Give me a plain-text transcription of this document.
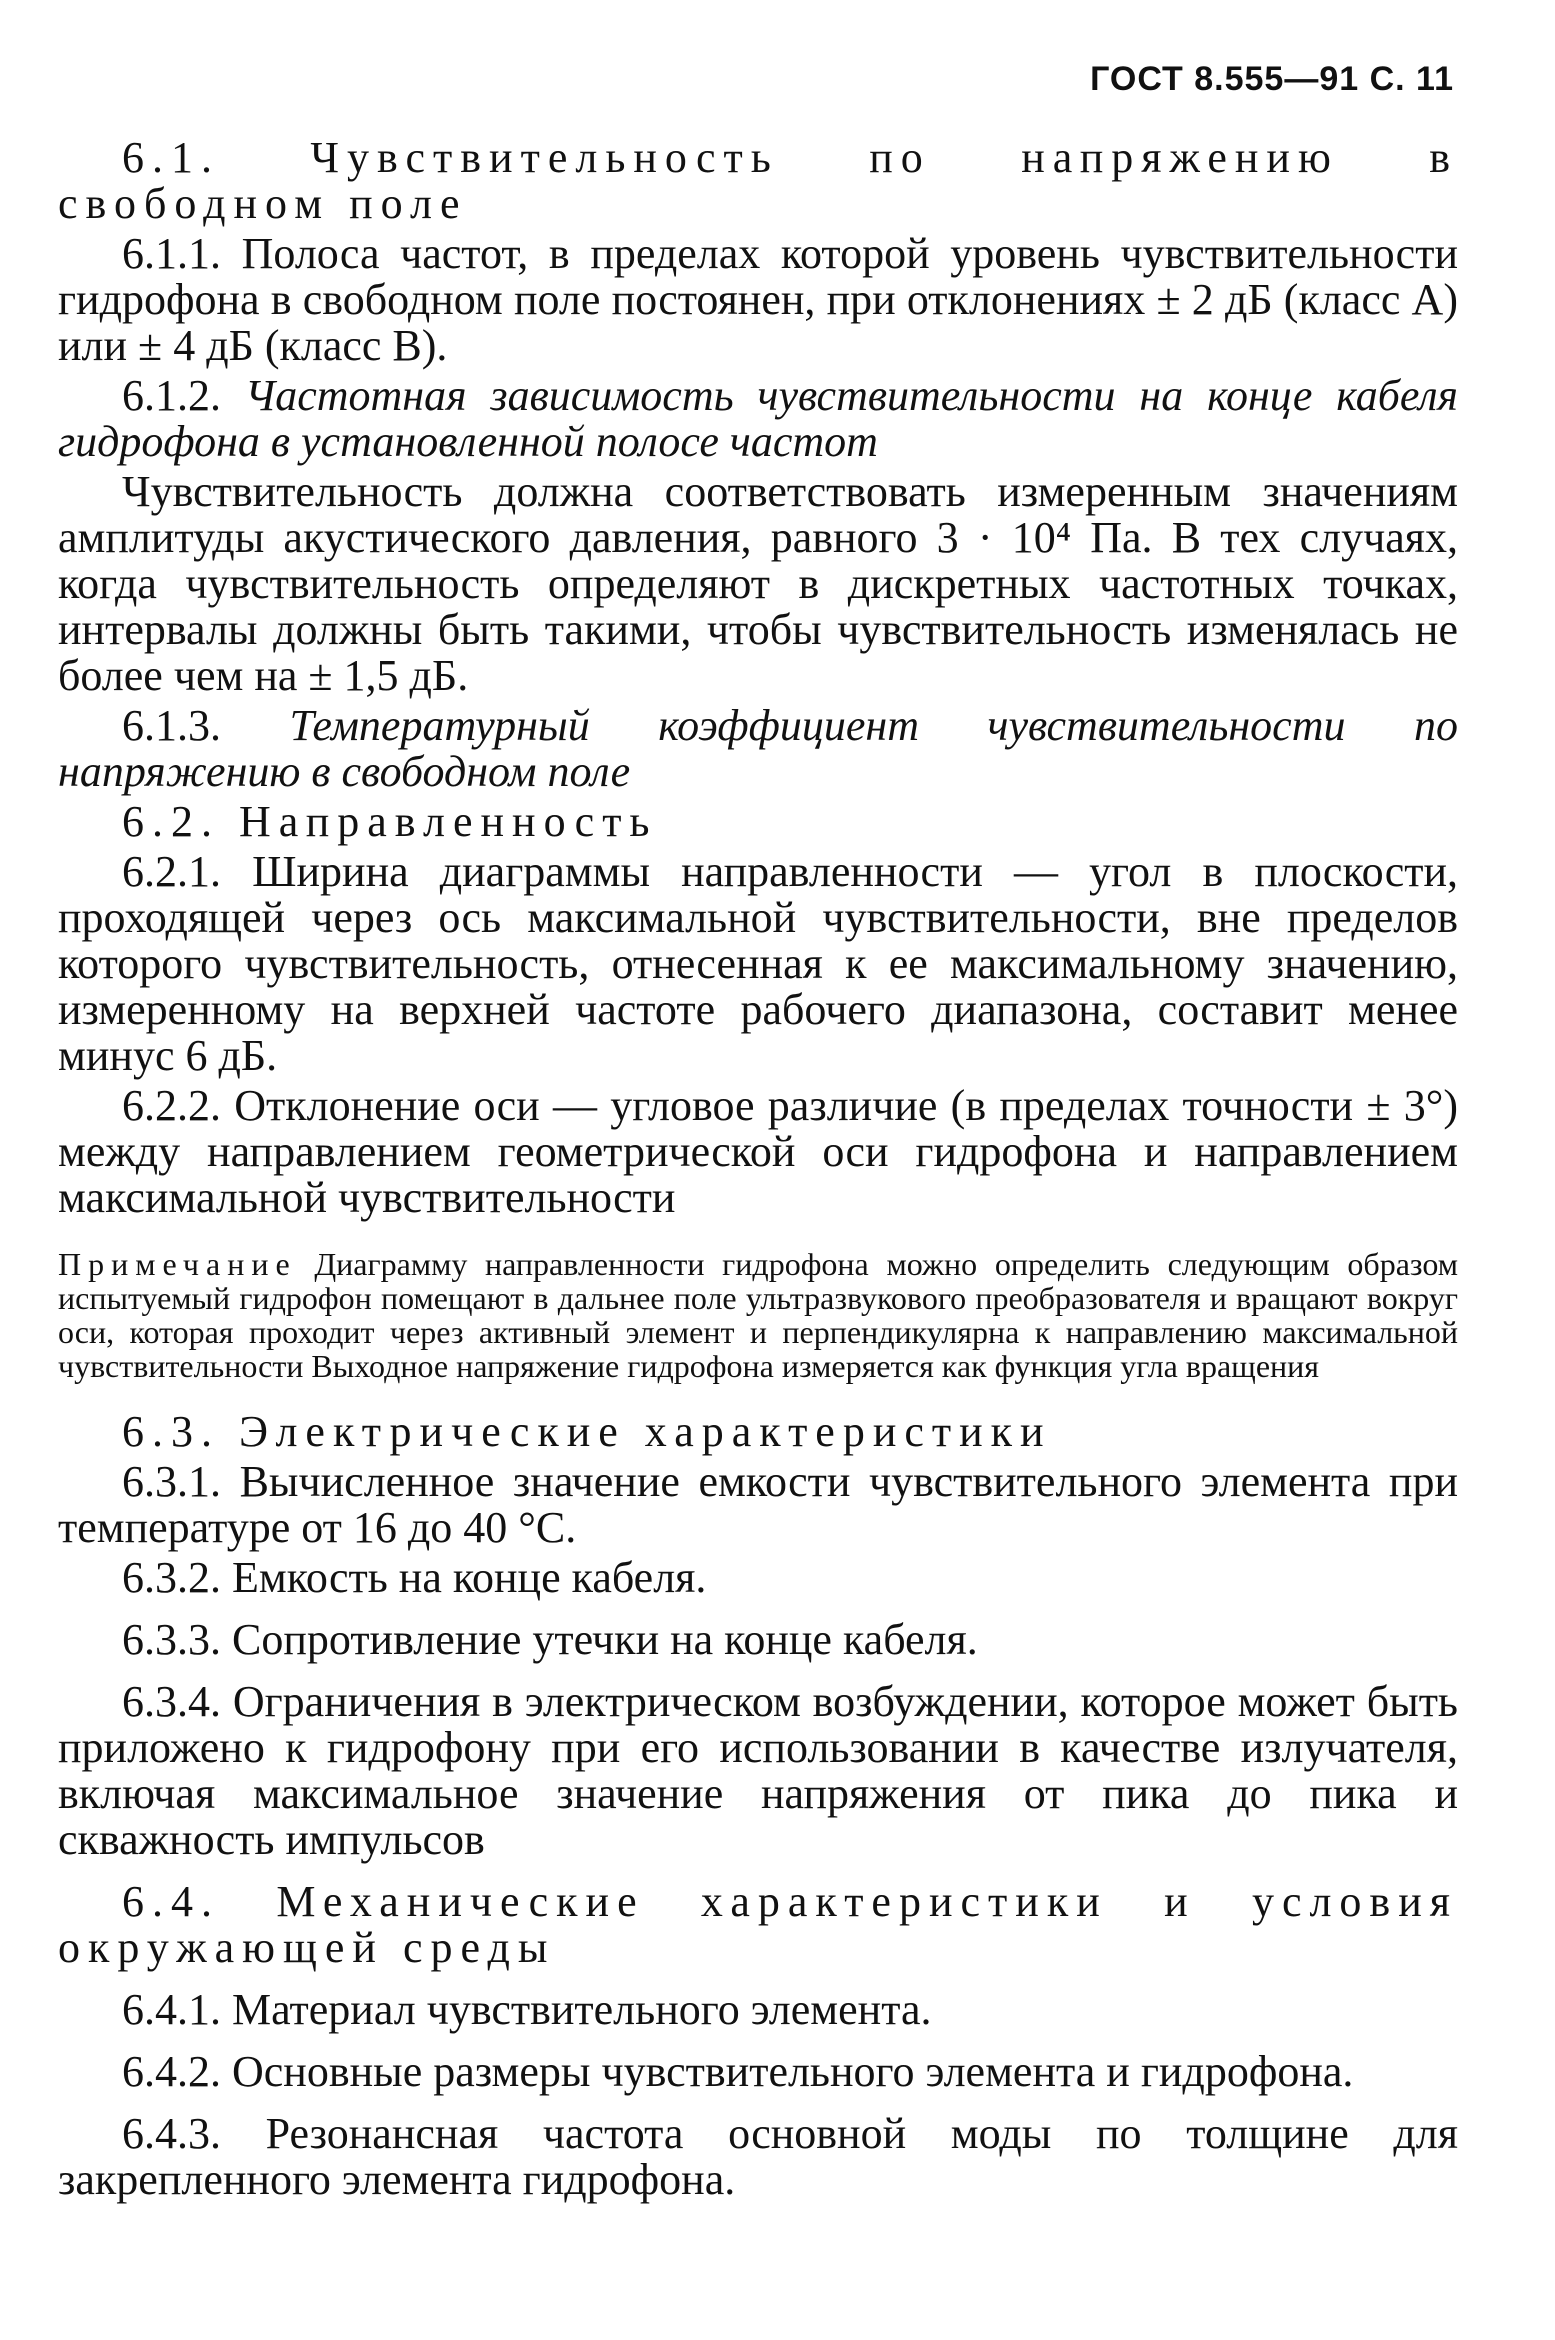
ГОСТ 8.555—91 С. 11

6.1. Чувствительность по напряжению в свободном поле

6.1.1. Полоса частот, в пределах которой уровень чувствительности гидрофона в свободном поле постоянен, при отклонениях ± 2 дБ (класс А) или ± 4 дБ (класс В).

6.1.2. Частотная зависимость чувствительности на конце кабеля гидрофона в установленной полосе частот

Чувствительность должна соответствовать измеренным значениям амплитуды акустического давления, равного 3 · 10⁴ Па. В тех случаях, когда чувствительность определяют в дискретных частотных точках, интервалы должны быть такими, чтобы чувствительность изменялась не более чем на ± 1,5 дБ.

6.1.3. Температурный коэффициент чувствительности по напряжению в свободном поле

6.2. Направленность

6.2.1. Ширина диаграммы направленности — угол в плоскости, проходящей через ось максимальной чувствительности, вне пределов которого чувствительность, отнесенная к ее максимальному значению, измеренному на верхней частоте рабочего диапазона, составит менее минус 6 дБ.

6.2.2. Отклонение оси — угловое различие (в пределах точности ± 3°) между направлением геометрической оси гидрофона и направлением максимальной чувствительности

Примечание Диаграмму направленности гидрофона можно определить следующим образом испытуемый гидрофон помещают в дальнее поле ультразвукового преобразователя и вращают вокруг оси, которая проходит через активный элемент и перпендикулярна к направлению максимальной чувствительности Выходное напряжение гидрофона измеряется как функция угла вращения

6.3. Электрические характеристики

6.3.1. Вычисленное значение емкости чувствительного элемента при температуре от 16 до 40 °С.

6.3.2. Емкость на конце кабеля.

6.3.3. Сопротивление утечки на конце кабеля.

6.3.4. Ограничения в электрическом возбуждении, которое может быть приложено к гидрофону при его использовании в качестве излучателя, включая максимальное значение напряжения от пика до пика и скважность импульсов

6.4. Механические характеристики и условия окружающей среды

6.4.1. Материал чувствительного элемента.

6.4.2. Основные размеры чувствительного элемента и гидрофона.

6.4.3. Резонансная частота основной моды по толщине для закрепленного элемента гидрофона.
